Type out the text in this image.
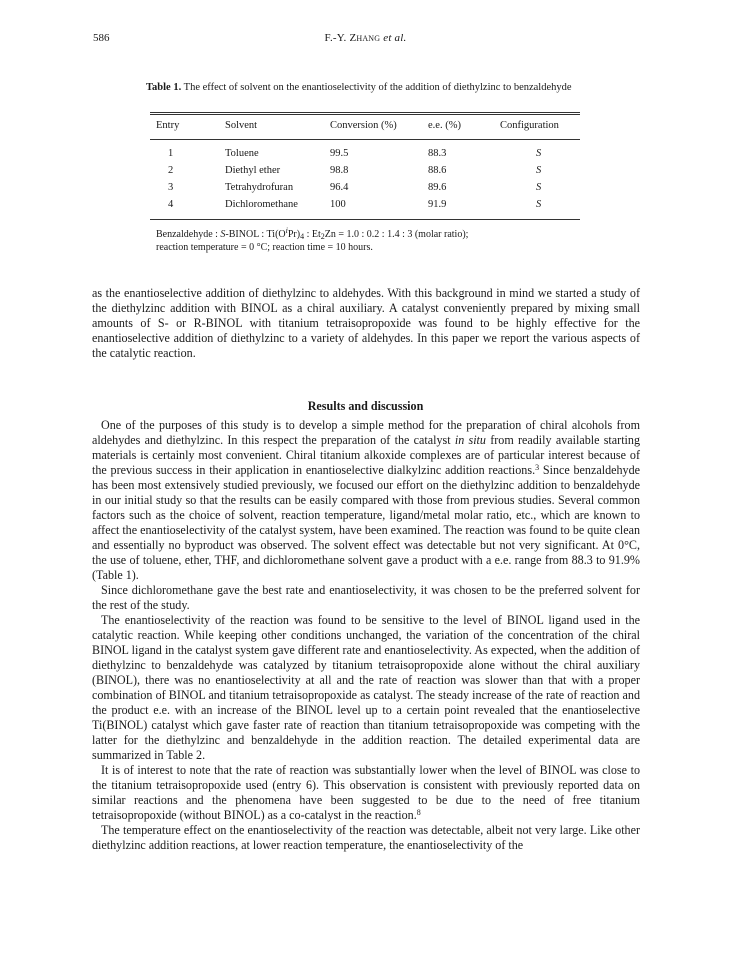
586	F.-Y. Zhang et al.
Table 1. The effect of solvent on the enantioselectivity of the addition of diethylzinc to benzaldehyde
Entry	Solvent	Conversion (%)	e.e. (%)	Configuration
1	Toluene	99.5	88.3	S
2	Diethyl ether	98.8	88.6	S
3	Tetrahydrofuran	96.4	89.6	S
4	Dichloromethane	100	91.9	S
Benzaldehyde : S-BINOL : $Ti(O^iPr)_4$ : $Et_2Zn = 1.0$ : 0.2 : 1.4 : 3 (molar ratio);
reaction temperature = 0 °C; reaction time = 10 hours.

as the enantioselective addition of diethylzinc to aldehydes. With this background in mind we started a study of the diethylzinc addition with BINOL as a chiral auxiliary. A catalyst conveniently prepared by mixing small amounts of S- or R-BINOL with titanium tetraisopropoxide was found to be highly effective for the enantioselective addition of diethylzinc to a variety of aldehydes. In this paper we report the various aspects of the catalytic reaction.

Results and discussion

One of the purposes of this study is to develop a simple method for the preparation of chiral alcohols from aldehydes and diethylzinc. In this respect the preparation of the catalyst in situ from readily available starting materials is certainly most convenient. Chiral titanium alkoxide complexes are of particular interest because of the previous success in their application in enantioselective dialkylzinc addition reactions.$^3$ Since benzaldehyde has been most extensively studied previously, we focused our effort on the diethylzinc addition to benzaldehyde in our initial study so that the results can be easily compared with those from previous studies. Several common factors such as the choice of solvent, reaction temperature, ligand/metal molar ratio, etc., which are known to affect the enantioselectivity of the catalyst system, have been examined. The reaction was found to be quite clean and essentially no byproduct was observed. The solvent effect was detectable but not very significant. At 0°C, the use of toluene, ether, THF, and dichloromethane solvent gave a product with a e.e. range from 88.3 to 91.9% (Table 1).

Since dichloromethane gave the best rate and enantioselectivity, it was chosen to be the preferred solvent for the rest of the study.

The enantioselectivity of the reaction was found to be sensitive to the level of BINOL ligand used in the catalytic reaction. While keeping other conditions unchanged, the variation of the concentration of the chiral BINOL ligand in the catalyst system gave different rate and enantioselectivity. As expected, when the addition of diethylzinc to benzaldehyde was catalyzed by titanium tetraisopropoxide alone without the chiral auxiliary (BINOL), there was no enantioselectivity at all and the rate of reaction was slower than that with a proper combination of BINOL and titanium tetraisopropoxide as catalyst. The steady increase of the rate of reaction and the product e.e. with an increase of the BINOL level up to a certain point revealed that the enantioselective Ti(BINOL) catalyst which gave faster rate of reaction than titanium tetraisopropoxide was competing with the latter for the diethylzinc and benzaldehyde in the addition reaction. The detailed experimental data are summarized in Table 2.

It is of interest to note that the rate of reaction was substantially lower when the level of BINOL was close to the titanium tetraisopropoxide used (entry 6). This observation is consistent with previously reported data on similar reactions and the phenomena have been suggested to be due to the need of free titanium tetraisopropoxide (without BINOL) as a co-catalyst in the reaction.$^8$

The temperature effect on the enantioselectivity of the reaction was detectable, albeit not very large. Like other diethylzinc addition reactions, at lower reaction temperature, the enantioselectivity of the
